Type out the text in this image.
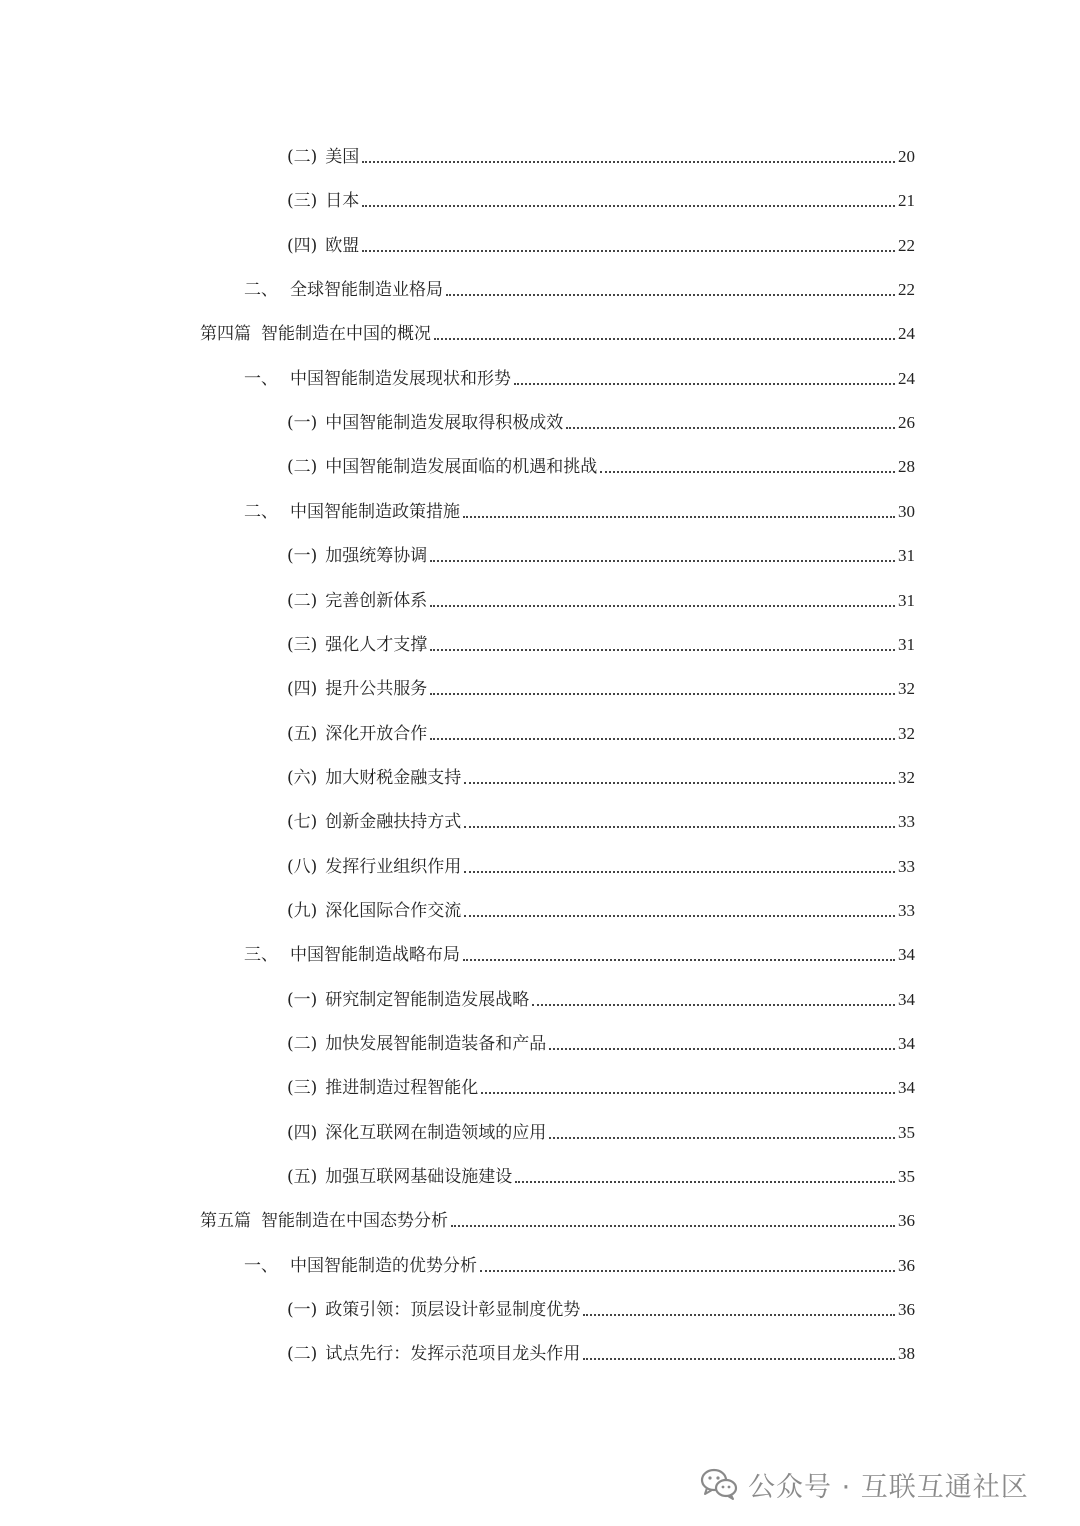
(二) 美国	20
(三) 日本	21
(四) 欧盟	22
二、 全球智能制造业格局	22
第四篇 智能制造在中国的概况	24
一、 中国智能制造发展现状和形势	24
(一) 中国智能制造发展取得积极成效	26
(二) 中国智能制造发展面临的机遇和挑战	28
二、 中国智能制造政策措施	30
(一) 加强统筹协调	31
(二) 完善创新体系	31
(三) 强化人才支撑	31
(四) 提升公共服务	32
(五) 深化开放合作	32
(六) 加大财税金融支持	32
(七) 创新金融扶持方式	33
(八) 发挥行业组织作用	33
(九) 深化国际合作交流	33
三、 中国智能制造战略布局	34
(一) 研究制定智能制造发展战略	34
(二) 加快发展智能制造装备和产品	34
(三) 推进制造过程智能化	34
(四) 深化互联网在制造领域的应用	35
(五) 加强互联网基础设施建设	35
第五篇 智能制造在中国态势分析	36
一、 中国智能制造的优势分析	36
(一) 政策引领：顶层设计彰显制度优势	36
(二) 试点先行：发挥示范项目龙头作用	38
公众号 · 互联互通社区
